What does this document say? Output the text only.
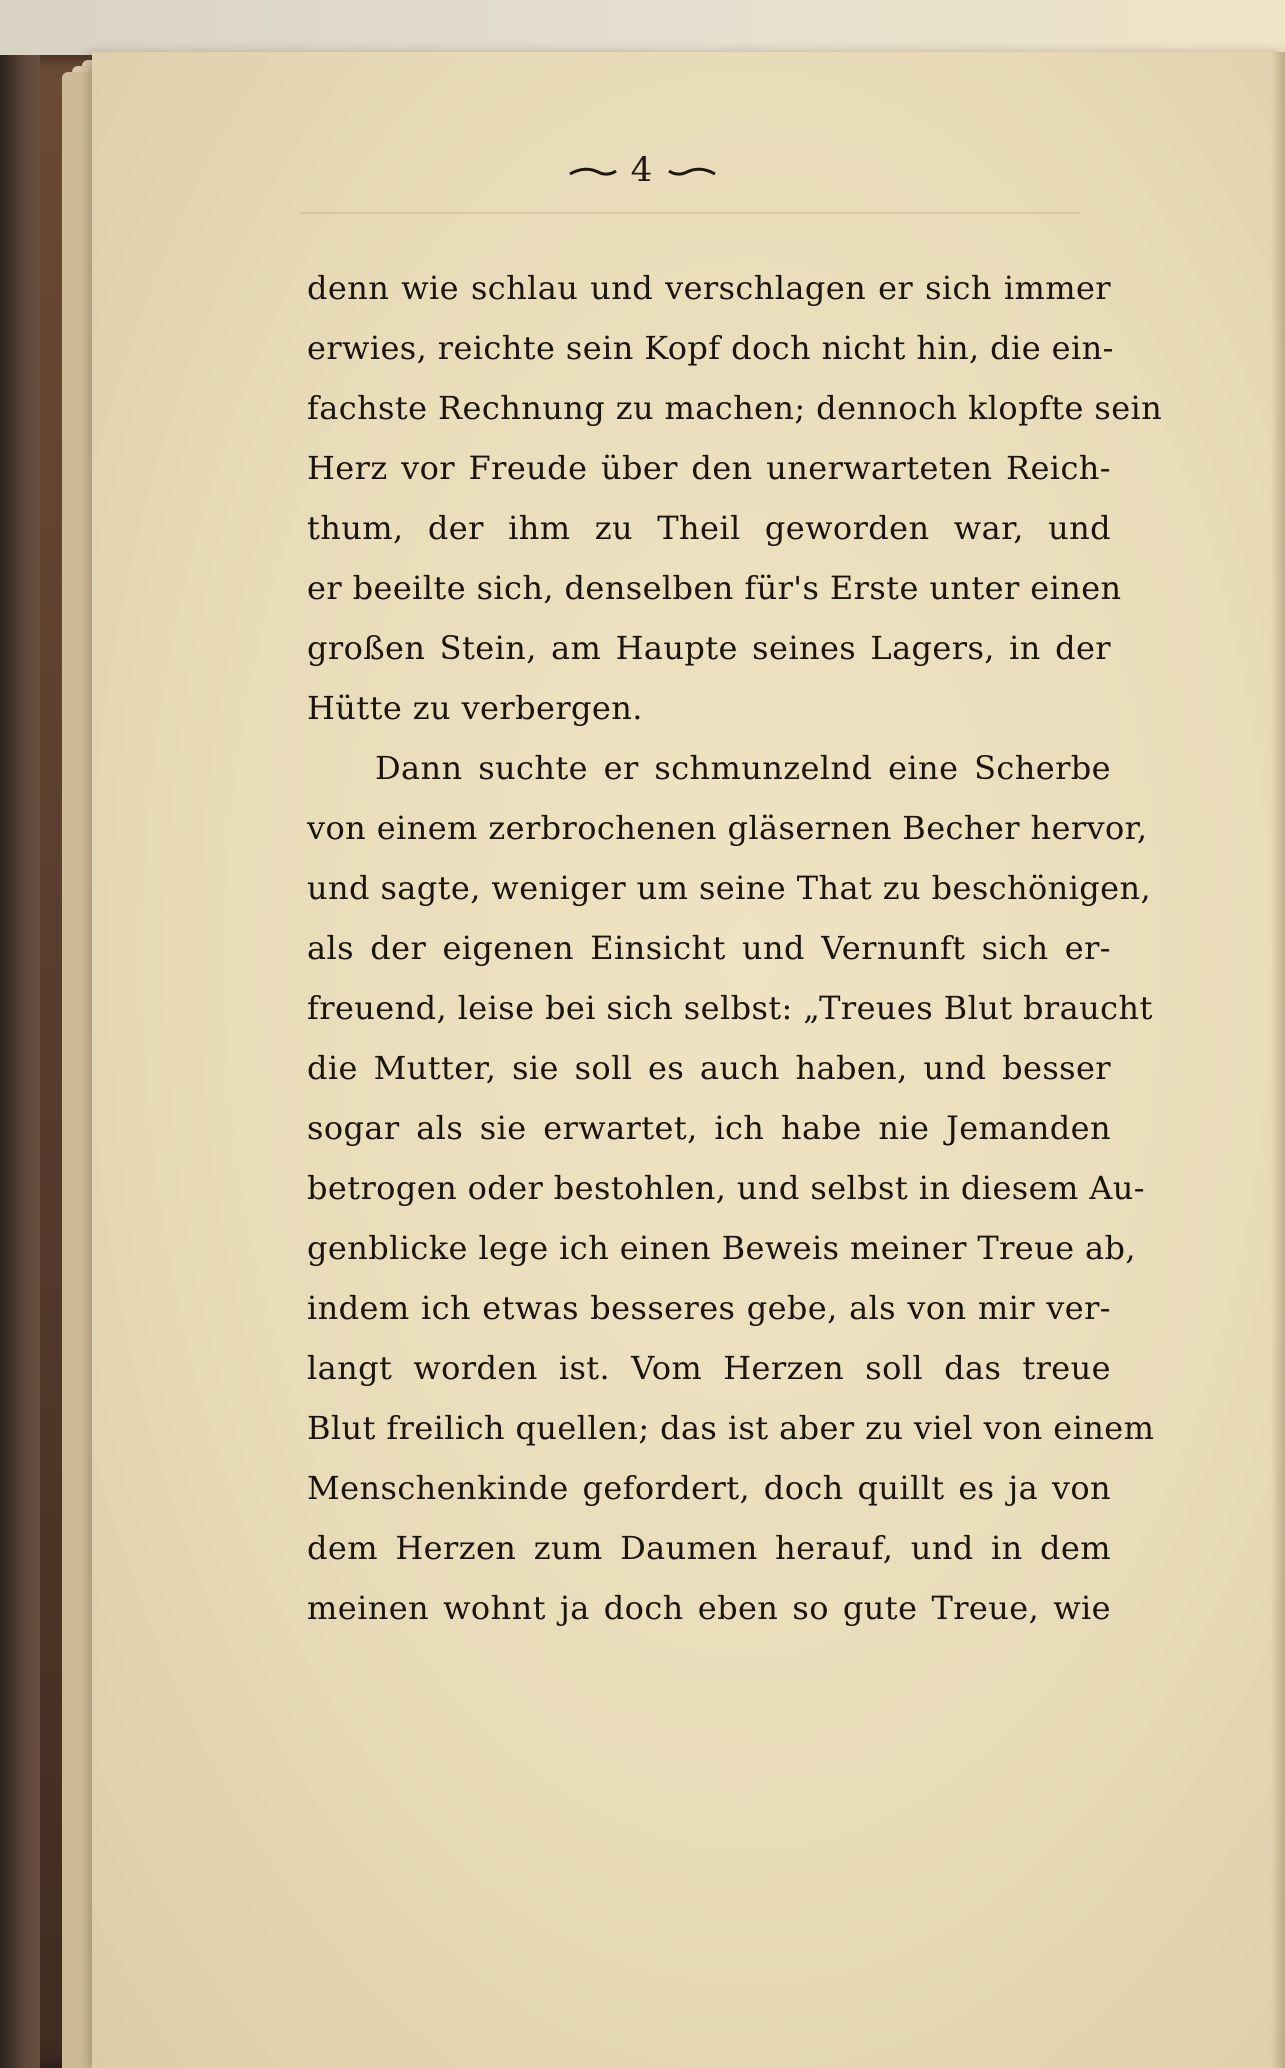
4
denn wie schlau und verschlagen er sich immer
erwies, reichte sein Kopf doch nicht hin, die ein-
fachste Rechnung zu machen; dennoch klopfte sein
Herz vor Freude über den unerwarteten Reich-
thum, der ihm zu Theil geworden war, und
er beeilte sich, denselben für's Erste unter einen
großen Stein, am Haupte seines Lagers, in der
Hütte zu verbergen.
Dann suchte er schmunzelnd eine Scherbe
von einem zerbrochenen gläsernen Becher hervor,
und sagte, weniger um seine That zu beschönigen,
als der eigenen Einsicht und Vernunft sich er-
freuend, leise bei sich selbst: „Treues Blut braucht
die Mutter, sie soll es auch haben, und besser
sogar als sie erwartet, ich habe nie Jemanden
betrogen oder bestohlen, und selbst in diesem Au-
genblicke lege ich einen Beweis meiner Treue ab,
indem ich etwas besseres gebe, als von mir ver-
langt worden ist. Vom Herzen soll das treue
Blut freilich quellen; das ist aber zu viel von einem
Menschenkinde gefordert, doch quillt es ja von
dem Herzen zum Daumen herauf, und in dem
meinen wohnt ja doch eben so gute Treue, wie
